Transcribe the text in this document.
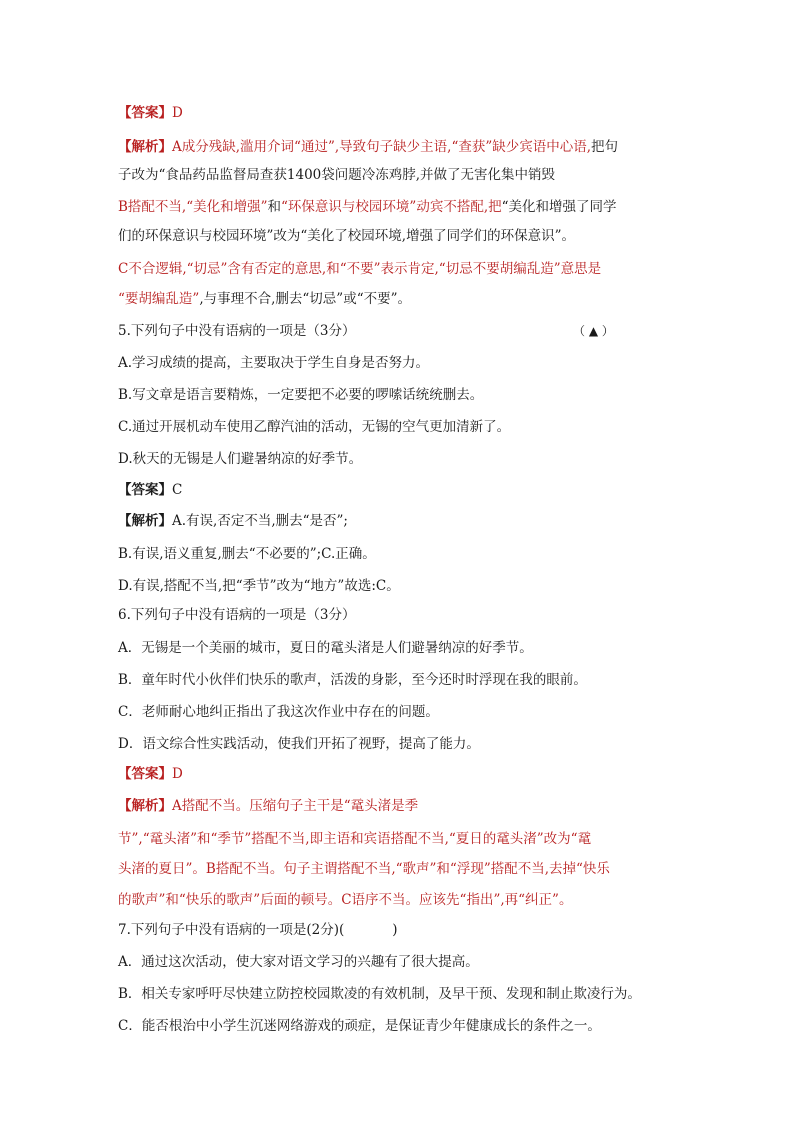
【答案】D
【解析】A成分残缺,滥用介词“通过”,导致句子缺少主语,“查获”缺少宾语中心语,把句
子改为“食品药品监督局查获1400袋问题冷冻鸡脖,并做了无害化集中销毁
B搭配不当,“美化和增强”和“环保意识与校园环境”动宾不搭配,把“美化和增强了同学
们的环保意识与校园环境”改为“美化了校园环境,增强了同学们的环保意识”。
C不合逻辑,“切忌”含有否定的意思,和“不要”表示肯定,“切忌不要胡编乱造”意思是
“要胡编乱造”,与事理不合,删去“切忌”或“不要”。
5.下列句子中没有语病的一项是（3分）	（ ▲ ）
A.学习成绩的提高，主要取决于学生自身是否努力。
B.写文章是语言要精炼，一定要把不必要的啰嗦话统统删去。
C.通过开展机动车使用乙醇汽油的活动，无锡的空气更加清新了。
D.秋天的无锡是人们避暑纳凉的好季节。
【答案】C
【解析】A.有误,否定不当,删去“是否”;
B.有误,语义重复,删去“不必要的”;C.正确。
D.有误,搭配不当,把“季节”改为“地方”故选:C。
6.下列句子中没有语病的一项是（3分）
A．无锡是一个美丽的城市，夏日的鼋头渚是人们避暑纳凉的好季节。
B．童年时代小伙伴们快乐的歌声，活泼的身影，至今还时时浮现在我的眼前。
C．老师耐心地纠正指出了我这次作业中存在的问题。
D．语文综合性实践活动，使我们开拓了视野，提高了能力。
【答案】D
【解析】A搭配不当。压缩句子主干是“鼋头渚是季
节”,“鼋头渚”和“季节”搭配不当,即主语和宾语搭配不当,“夏日的鼋头渚”改为“鼋
头渚的夏日”。B搭配不当。句子主谓搭配不当,“歌声”和“浮现”搭配不当,去掉“快乐
的歌声”和“快乐的歌声”后面的顿号。C语序不当。应该先“指出”,再“纠正”。
7.下列句子中没有语病的一项是(2分)(	)
A．通过这次活动，使大家对语文学习的兴趣有了很大提高。
B．相关专家呼吁尽快建立防控校园欺凌的有效机制，及早干预、发现和制止欺凌行为。
C．能否根治中小学生沉迷网络游戏的顽症，是保证青少年健康成长的条件之一。
